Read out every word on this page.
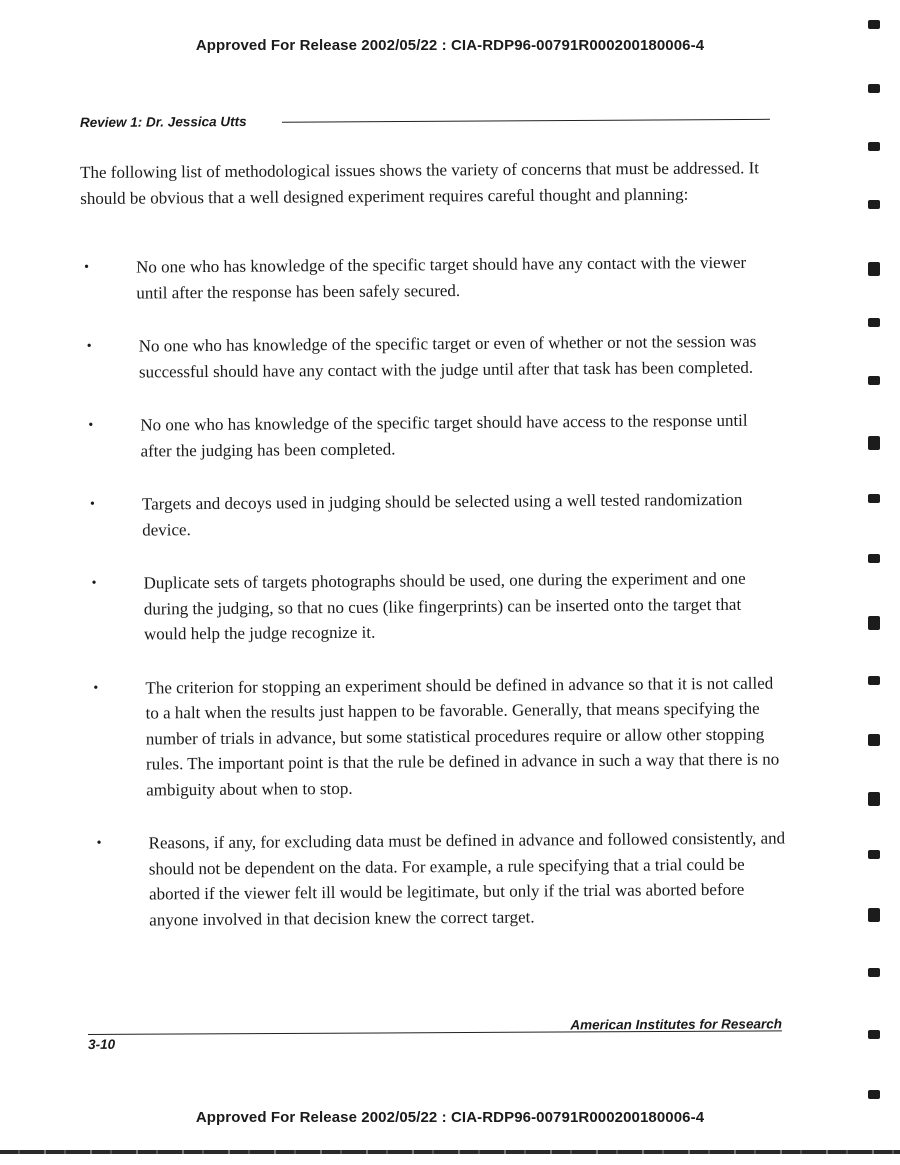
Approved For Release 2002/05/22 : CIA-RDP96-00791R000200180006-4
Review 1: Dr. Jessica Utts

The following list of methodological issues shows the variety of concerns that must be addressed. It should be obvious that a well designed experiment requires careful thought and planning:

•	No one who has knowledge of the specific target should have any contact with the viewer until after the response has been safely secured.
•	No one who has knowledge of the specific target or even of whether or not the session was successful should have any contact with the judge until after that task has been completed.
•	No one who has knowledge of the specific target should have access to the response until after the judging has been completed.
•	Targets and decoys used in judging should be selected using a well tested randomization device.
•	Duplicate sets of targets photographs should be used, one during the experiment and one during the judging, so that no cues (like fingerprints) can be inserted onto the target that would help the judge recognize it.
•	The criterion for stopping an experiment should be defined in advance so that it is not called to a halt when the results just happen to be favorable. Generally, that means specifying the number of trials in advance, but some statistical procedures require or allow other stopping rules. The important point is that the rule be defined in advance in such a way that there is no ambiguity about when to stop.
•	Reasons, if any, for excluding data must be defined in advance and followed consistently, and should not be dependent on the data. For example, a rule specifying that a trial could be aborted if the viewer felt ill would be legitimate, but only if the trial was aborted before anyone involved in that decision knew the correct target.
American Institutes for Research
3-10
Approved For Release 2002/05/22 : CIA-RDP96-00791R000200180006-4
